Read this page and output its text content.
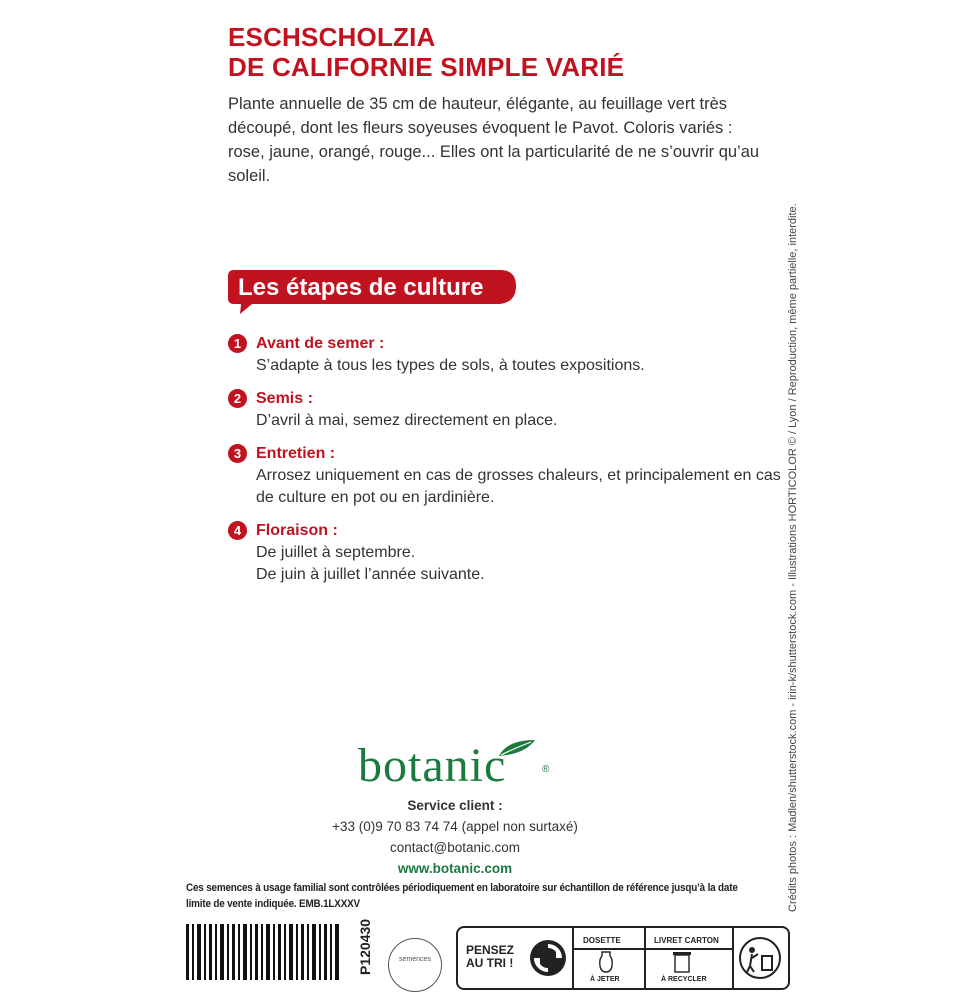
ESCHSCHOLZIA
DE CALIFORNIE SIMPLE VARIÉ

Plante annuelle de 35 cm de hauteur, élégante, au feuillage vert très découpé, dont les fleurs soyeuses évoquent le Pavot. Coloris variés : rose, jaune, orangé, rouge... Elles ont la particularité de ne s’ouvrir qu’au soleil.

Les étapes de culture
1 Avant de semer :
S’adapte à tous les types de sols, à toutes expositions.
2 Semis :
D’avril à mai, semez directement en place.
3 Entretien :
Arrosez uniquement en cas de grosses chaleurs, et principalement en cas de culture en pot ou en jardinière.
4 Floraison :
De juillet à septembre.
De juin à juillet l’année suivante.
botanic	®
Service client :
+33 (0)9 70 83 74 74 (appel non surtaxé)
contact@botanic.com
www.botanic.com
Ces semences à usage familial sont contrôlées périodiquement en laboratoire sur échantillon de référence jusqu’à la date limite de vente indiquée. EMB.1LXXXV	Crédits photos : Madlen/shutterstock.com - irin-k/shutterstock.com - Illustrations HORTICOLOR © / Lyon / Reproduction, même partielle, interdite.
P120430	semences
PENSEZ AU TRI !
DOSETTE
À JETER
LIVRET CARTON
À RECYCLER
